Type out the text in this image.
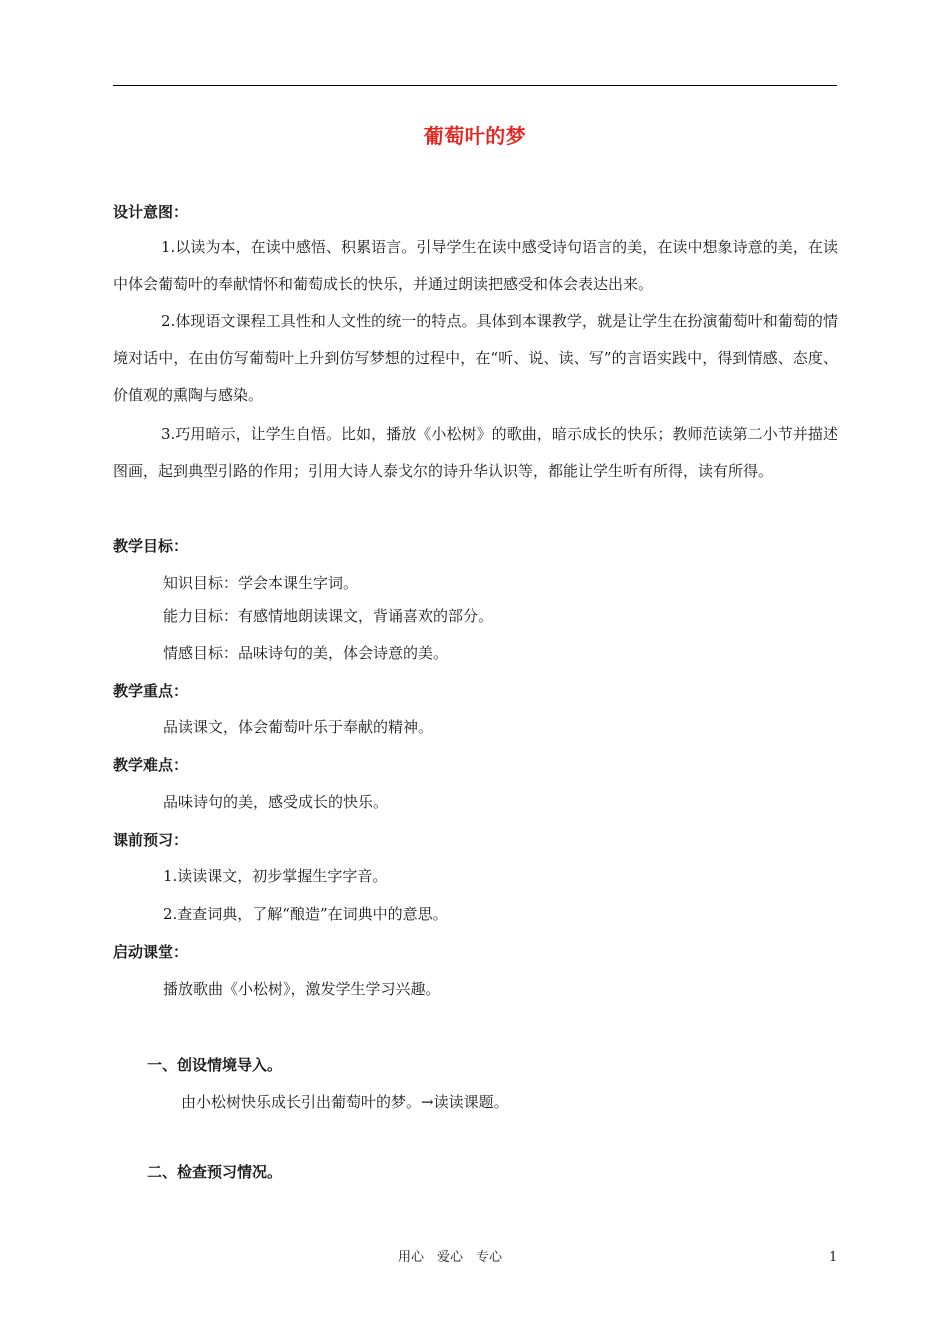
葡萄叶的梦
设计意图：
1.以读为本，在读中感悟、积累语言。引导学生在读中感受诗句语言的美，在读中想象诗意的美，在读中体会葡萄叶的奉献情怀和葡萄成长的快乐，并通过朗读把感受和体会表达出来。
2.体现语文课程工具性和人文性的统一的特点。具体到本课教学，就是让学生在扮演葡萄叶和葡萄的情境对话中，在由仿写葡萄叶上升到仿写梦想的过程中，在“听、说、读、写”的言语实践中，得到情感、态度、价值观的熏陶与感染。
3.巧用暗示，让学生自悟。比如，播放《小松树》的歌曲，暗示成长的快乐；教师范读第二小节并描述图画，起到典型引路的作用；引用大诗人泰戈尔的诗升华认识等，都能让学生听有所得，读有所得。
教学目标：
知识目标：学会本课生字词。
能力目标：有感情地朗读课文，背诵喜欢的部分。
情感目标：品味诗句的美，体会诗意的美。
教学重点：
品读课文，体会葡萄叶乐于奉献的精神。
教学难点：
品味诗句的美，感受成长的快乐。
课前预习：
1.读读课文，初步掌握生字字音。
2.查查词典，了解“酿造”在词典中的意思。
启动课堂：
播放歌曲《小松树》，激发学生学习兴趣。
一、创设情境导入。
由小松树快乐成长引出葡萄叶的梦。→读读课题。
二、检查预习情况。
用心　爱心　专心	1
